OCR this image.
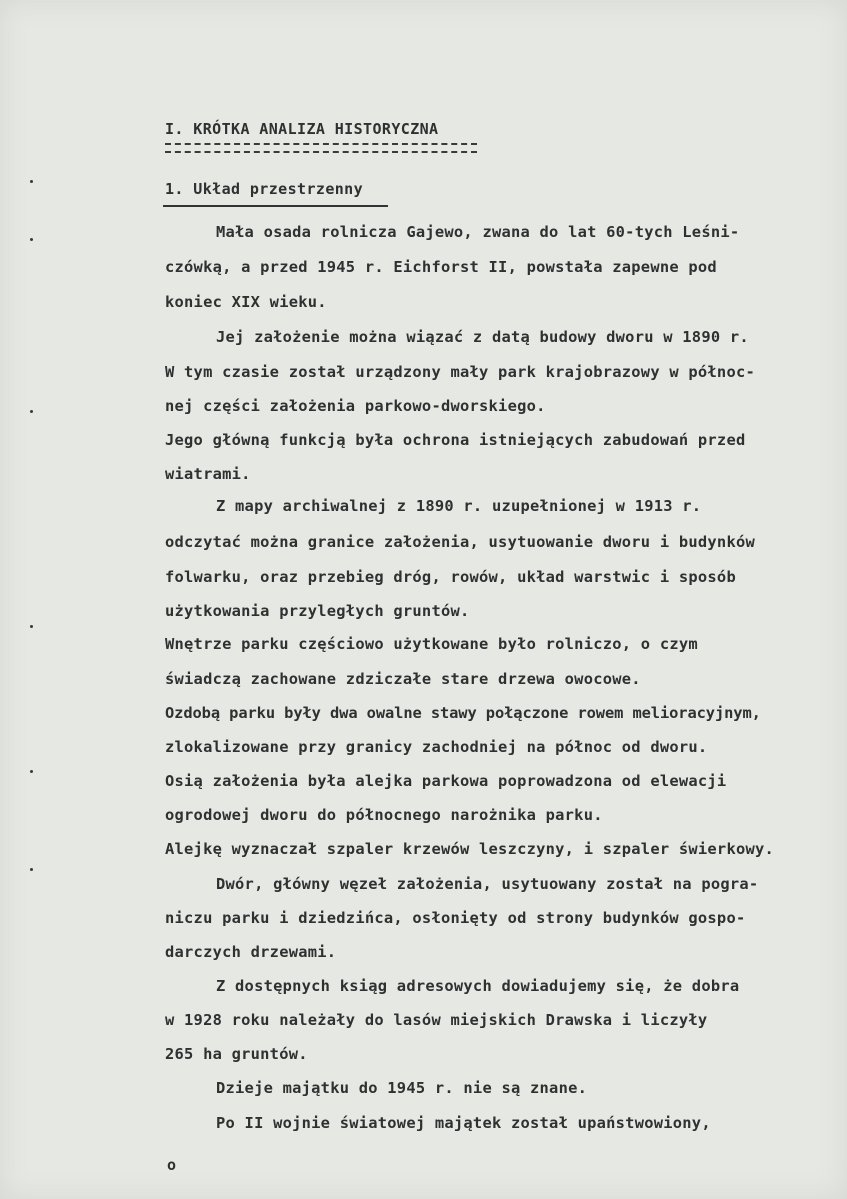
I. KRÓTKA ANALIZA HISTORYCZNA
1. Układ przestrzenny
Mała osada rolnicza Gajewo, zwana do lat 60-tych Leśni-
czówką, a przed 1945 r. Eichforst II, powstała zapewne pod
koniec XIX wieku.
Jej założenie można wiązać z datą budowy dworu w 1890 r.
W tym czasie został urządzony mały park krajobrazowy w północ-
nej części założenia parkowo-dworskiego.
Jego główną funkcją była ochrona istniejących zabudowań przed
wiatrami.
Z mapy archiwalnej z 1890 r. uzupełnionej w 1913 r.
odczytać można granice założenia, usytuowanie dworu i budynków
folwarku, oraz przebieg dróg, rowów, układ warstwic i sposób
użytkowania przyległych gruntów.
Wnętrze parku częściowo użytkowane było rolniczo, o czym
świadczą zachowane zdziczałe stare drzewa owocowe.
Ozdobą parku były dwa owalne stawy połączone rowem melioracyjnym,
zlokalizowane przy granicy zachodniej na północ od dworu.
Osią założenia była alejka parkowa poprowadzona od elewacji
ogrodowej dworu do północnego narożnika parku.
Alejkę wyznaczał szpaler krzewów leszczyny, i szpaler świerkowy.
Dwór, główny węzeł założenia, usytuowany został na pogra-
niczu parku i dziedzińca, osłonięty od strony budynków gospo-
darczych drzewami.
Z dostępnych ksiąg adresowych dowiadujemy się, że dobra
w 1928 roku należały do lasów miejskich Drawska i liczyły
265 ha gruntów.
Dzieje majątku do 1945 r. nie są znane.
Po II wojnie światowej majątek został upaństwowiony,
o
